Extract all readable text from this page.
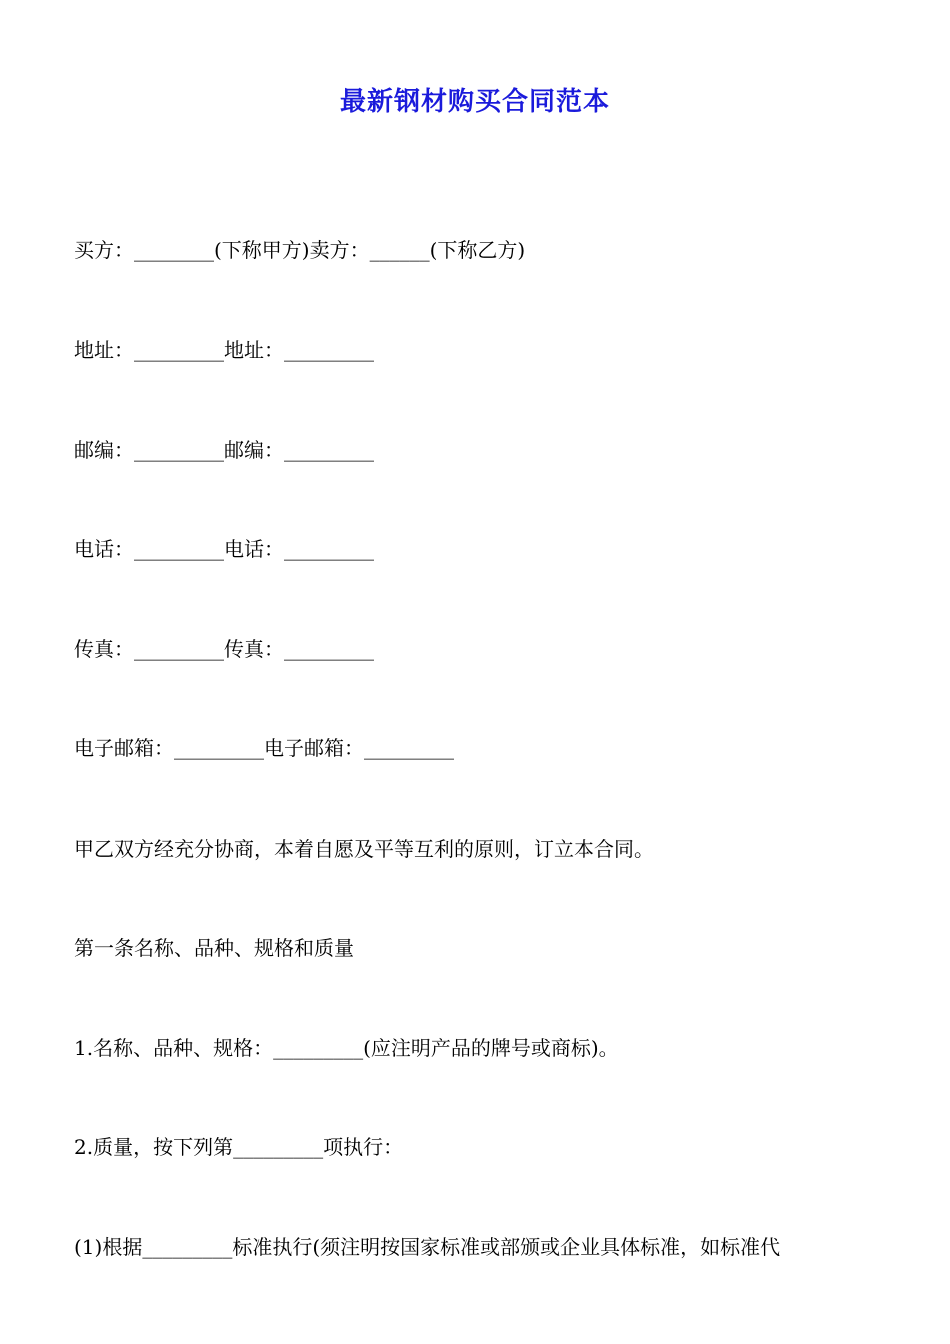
最新钢材购买合同范本
买方：________(下称甲方)卖方：______(下称乙方)
地址：_________地址：_________
邮编：_________邮编：_________
电话：_________电话：_________
传真：_________传真：_________
电子邮箱：_________电子邮箱：_________
甲乙双方经充分协商，本着自愿及平等互利的原则，订立本合同。
第一条名称、品种、规格和质量
1.名称、品种、规格：_________(应注明产品的牌号或商标)。
2.质量，按下列第_________项执行：
(1)根据_________标准执行(须注明按国家标准或部颁或企业具体标准，如标准代
